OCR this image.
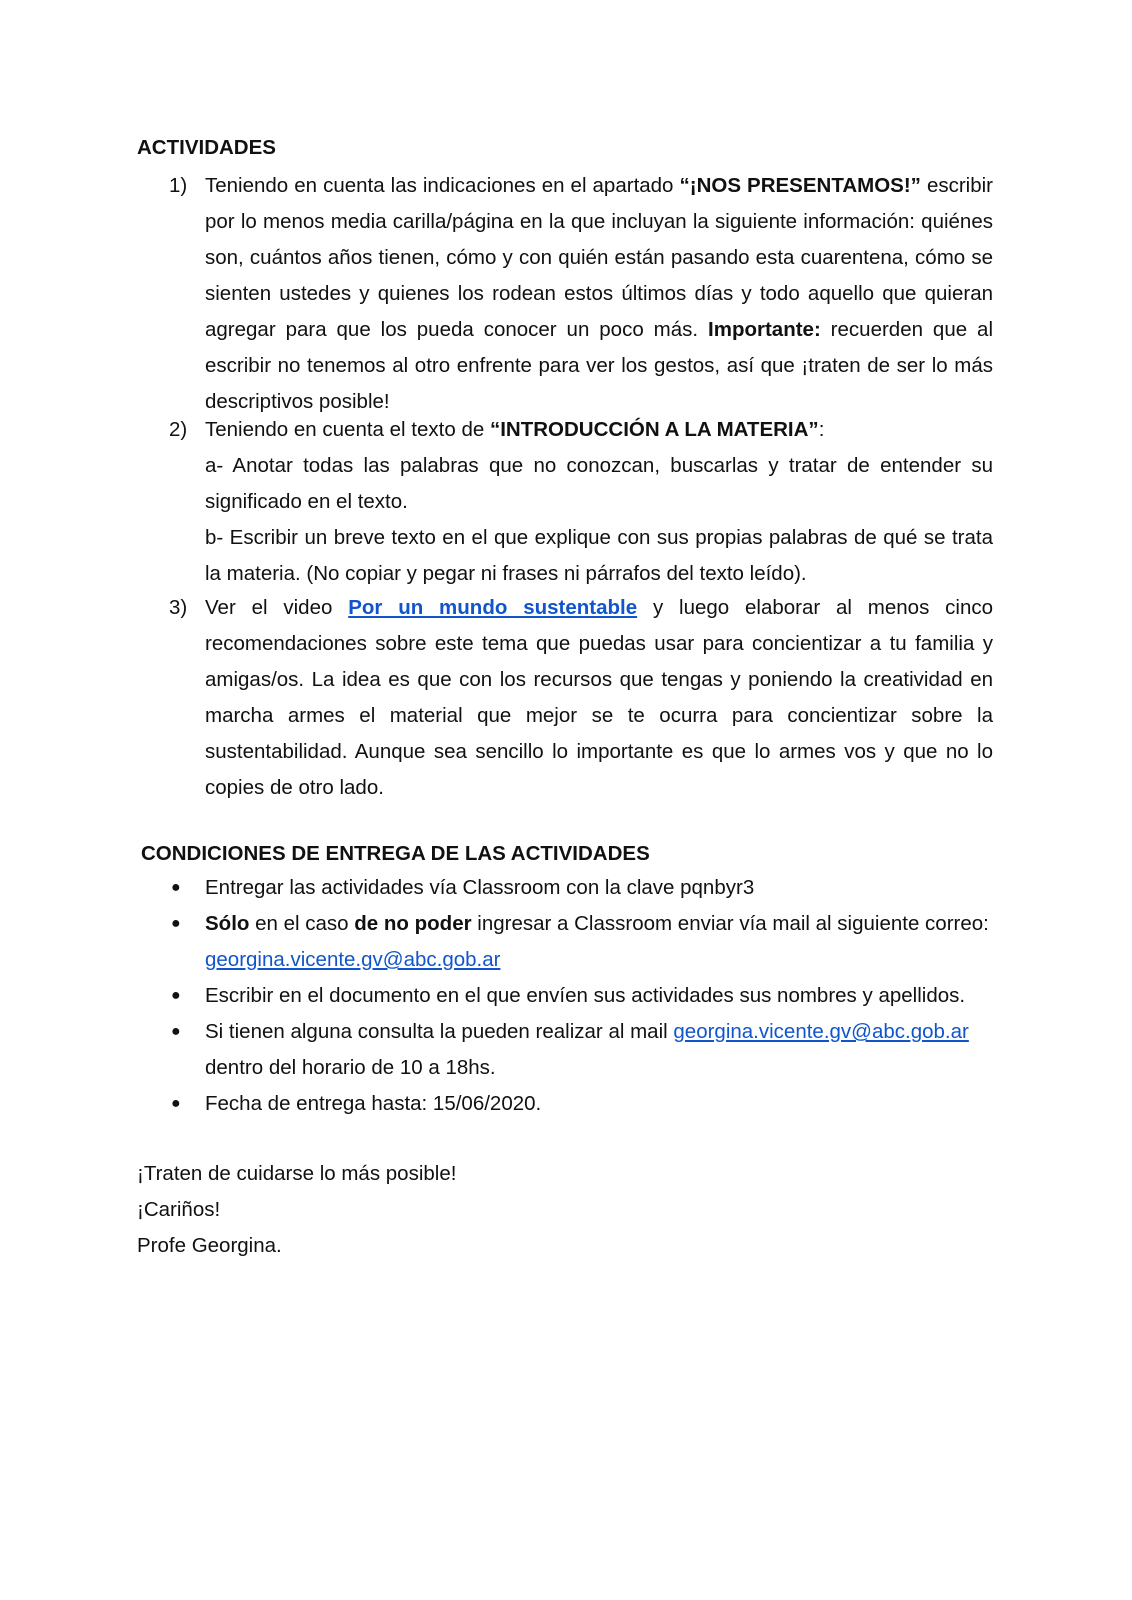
ACTIVIDADES
1) Teniendo en cuenta las indicaciones en el apartado “¡NOS PRESENTAMOS!” escribir por lo menos media carilla/página en la que incluyan la siguiente información: quiénes son, cuántos años tienen, cómo y con quién están pasando esta cuarentena, cómo se sienten ustedes y quienes los rodean estos últimos días y todo aquello que quieran agregar para que los pueda conocer un poco más. Importante: recuerden que al escribir no tenemos al otro enfrente para ver los gestos, así que ¡traten de ser lo más descriptivos posible!

2) Teniendo en cuenta el texto de “INTRODUCCIÓN A LA MATERIA”:

a- Anotar todas las palabras que no conozcan, buscarlas y tratar de entender su significado en el texto.

b- Escribir un breve texto en el que explique con sus propias palabras de qué se trata la materia. (No copiar y pegar ni frases ni párrafos del texto leído).

3) Ver el video Por un mundo sustentable y luego elaborar al menos cinco recomendaciones sobre este tema que puedas usar para concientizar a tu familia y amigas/os. La idea es que con los recursos que tengas y poniendo la creatividad en marcha armes el material que mejor se te ocurra para concientizar sobre la sustentabilidad. Aunque sea sencillo lo importante es que lo armes vos y que no lo copies de otro lado.

CONDICIONES DE ENTREGA DE LAS ACTIVIDADES
●	Entregar las actividades vía Classroom con la clave pqnbyr3

●	Sólo en el caso de no poder ingresar a Classroom enviar vía mail al siguiente correo: georgina.vicente.gv@abc.gob.ar

●	Escribir en el documento en el que envíen sus actividades sus nombres y apellidos.

●	Si tienen alguna consulta la pueden realizar al mail georgina.vicente.gv@abc.gob.ar dentro del horario de 10 a 18hs.

●	Fecha de entrega hasta: 15/06/2020.

¡Traten de cuidarse lo más posible!

¡Cariños!

Profe Georgina.
